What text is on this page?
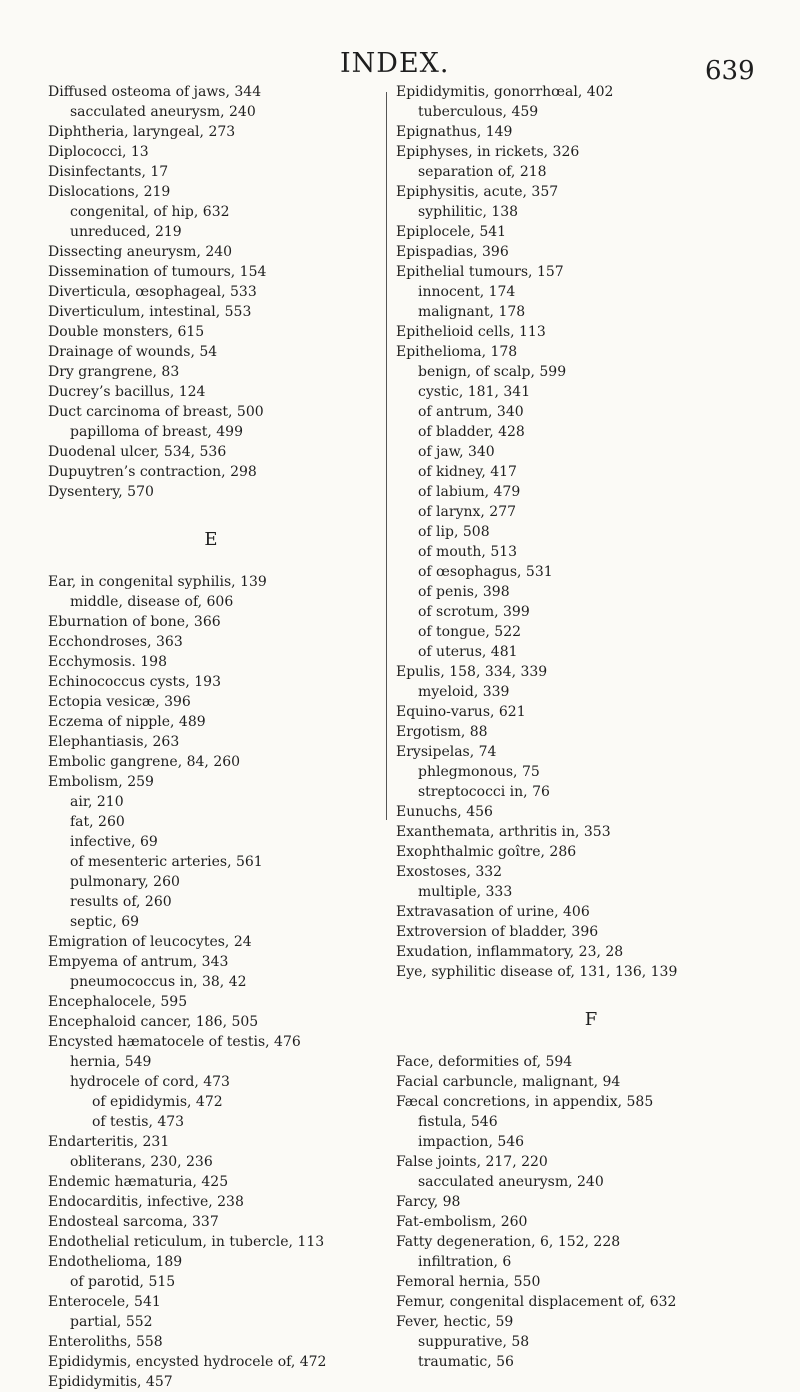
INDEX.	639
Diffused osteoma of jaws, 344
sacculated aneurysm, 240
Diphtheria, laryngeal, 273
Diplococci, 13
Disinfectants, 17
Dislocations, 219
congenital, of hip, 632
unreduced, 219
Dissecting aneurysm, 240
Dissemination of tumours, 154
Diverticula, œsophageal, 533
Diverticulum, intestinal, 553
Double monsters, 615
Drainage of wounds, 54
Dry grangrene, 83
Ducrey’s bacillus, 124
Duct carcinoma of breast, 500
papilloma of breast, 499
Duodenal ulcer, 534, 536
Dupuytren’s contraction, 298
Dysentery, 570
E
Ear, in congenital syphilis, 139
middle, disease of, 606
Eburnation of bone, 366
Ecchondroses, 363
Ecchymosis. 198
Echinococcus cysts, 193
Ectopia vesicæ, 396
Eczema of nipple, 489
Elephantiasis, 263
Embolic gangrene, 84, 260
Embolism, 259
air, 210
fat, 260
infective, 69
of mesenteric arteries, 561
pulmonary, 260
results of, 260
septic, 69
Emigration of leucocytes, 24
Empyema of antrum, 343
pneumococcus in, 38, 42
Encephalocele, 595
Encephaloid cancer, 186, 505
Encysted hæmatocele of testis, 476
hernia, 549
hydrocele of cord, 473
of epididymis, 472
of testis, 473
Endarteritis, 231
obliterans, 230, 236
Endemic hæmaturia, 425
Endocarditis, infective, 238
Endosteal sarcoma, 337
Endothelial reticulum, in tubercle, 113
Endothelioma, 189
of parotid, 515
Enterocele, 541
partial, 552
Enteroliths, 558
Epididymis, encysted hydrocele of, 472
Epididymitis, 457
Epididymitis, gonorrhœal, 402
tuberculous, 459
Epignathus, 149
Epiphyses, in rickets, 326
separation of, 218
Epiphysitis, acute, 357
syphilitic, 138
Epiplocele, 541
Epispadias, 396
Epithelial tumours, 157
innocent, 174
malignant, 178
Epithelioid cells, 113
Epithelioma, 178
benign, of scalp, 599
cystic, 181, 341
of antrum, 340
of bladder, 428
of jaw, 340
of kidney, 417
of labium, 479
of larynx, 277
of lip, 508
of mouth, 513
of œsophagus, 531
of penis, 398
of scrotum, 399
of tongue, 522
of uterus, 481
Epulis, 158, 334, 339
myeloid, 339
Equino-varus, 621
Ergotism, 88
Erysipelas, 74
phlegmonous, 75
streptococci in, 76
Eunuchs, 456
Exanthemata, arthritis in, 353
Exophthalmic goître, 286
Exostoses, 332
multiple, 333
Extravasation of urine, 406
Extroversion of bladder, 396
Exudation, inflammatory, 23, 28
Eye, syphilitic disease of, 131, 136, 139
F
Face, deformities of, 594
Facial carbuncle, malignant, 94
Fæcal concretions, in appendix, 585
fistula, 546
impaction, 546
False joints, 217, 220
sacculated aneurysm, 240
Farcy, 98
Fat-embolism, 260
Fatty degeneration, 6, 152, 228
infiltration, 6
Femoral hernia, 550
Femur, congenital displacement of, 632
Fever, hectic, 59
suppurative, 58
traumatic, 56
